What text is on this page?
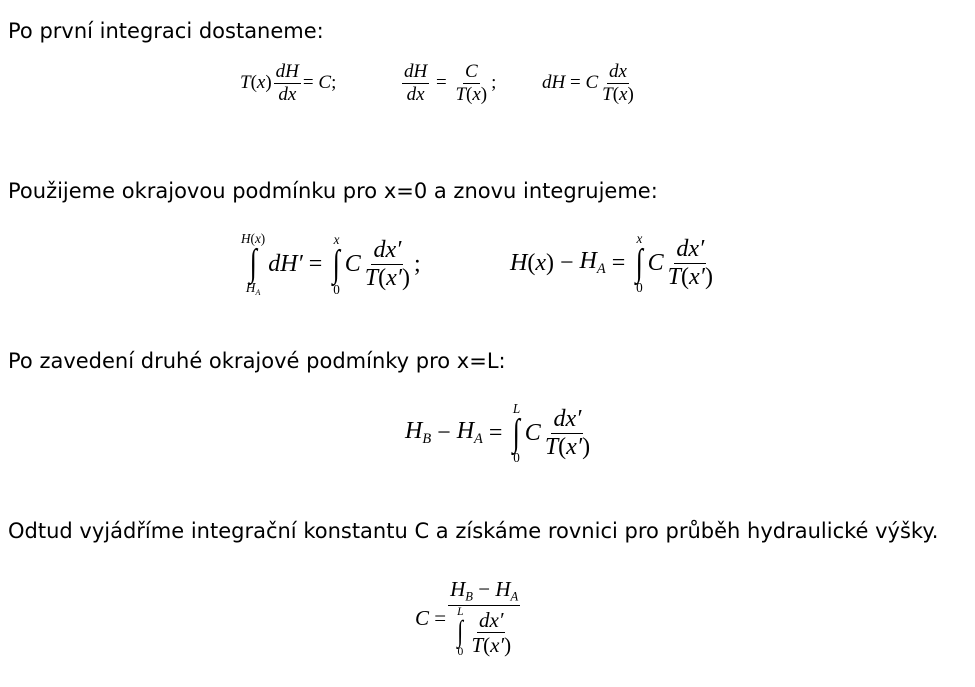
Po první integraci dostaneme:
Použijeme okrajovou podmínku pro x=0 a znovu integrujeme:
Po zavedení druhé okrajové podmínky pro x=L:
Odtud vyjádříme integrační konstantu C a získáme rovnici pro průběh hydraulické výšky.
T ( x ) $\frac{dH}{dx} = C$ ;	$\frac{dH}{dx} = \frac{C}{T(x)}$ ; dH = C $\frac{dx}{T(x)}$
H(x)
∫
$H_A$
dH′ =
x
∫
0
C $\frac{dx'}{T(x')}$ ;	H ( x ) − $H_A$ =
x
∫
0
C $\frac{dx'}{T(x')}$
$H_B - H_A$ =
L
∫
0
C $\frac{dx'}{T(x')}$
$C = H_B - H_A$
L
∫
$0 \frac{dx'}{T(x')}$
